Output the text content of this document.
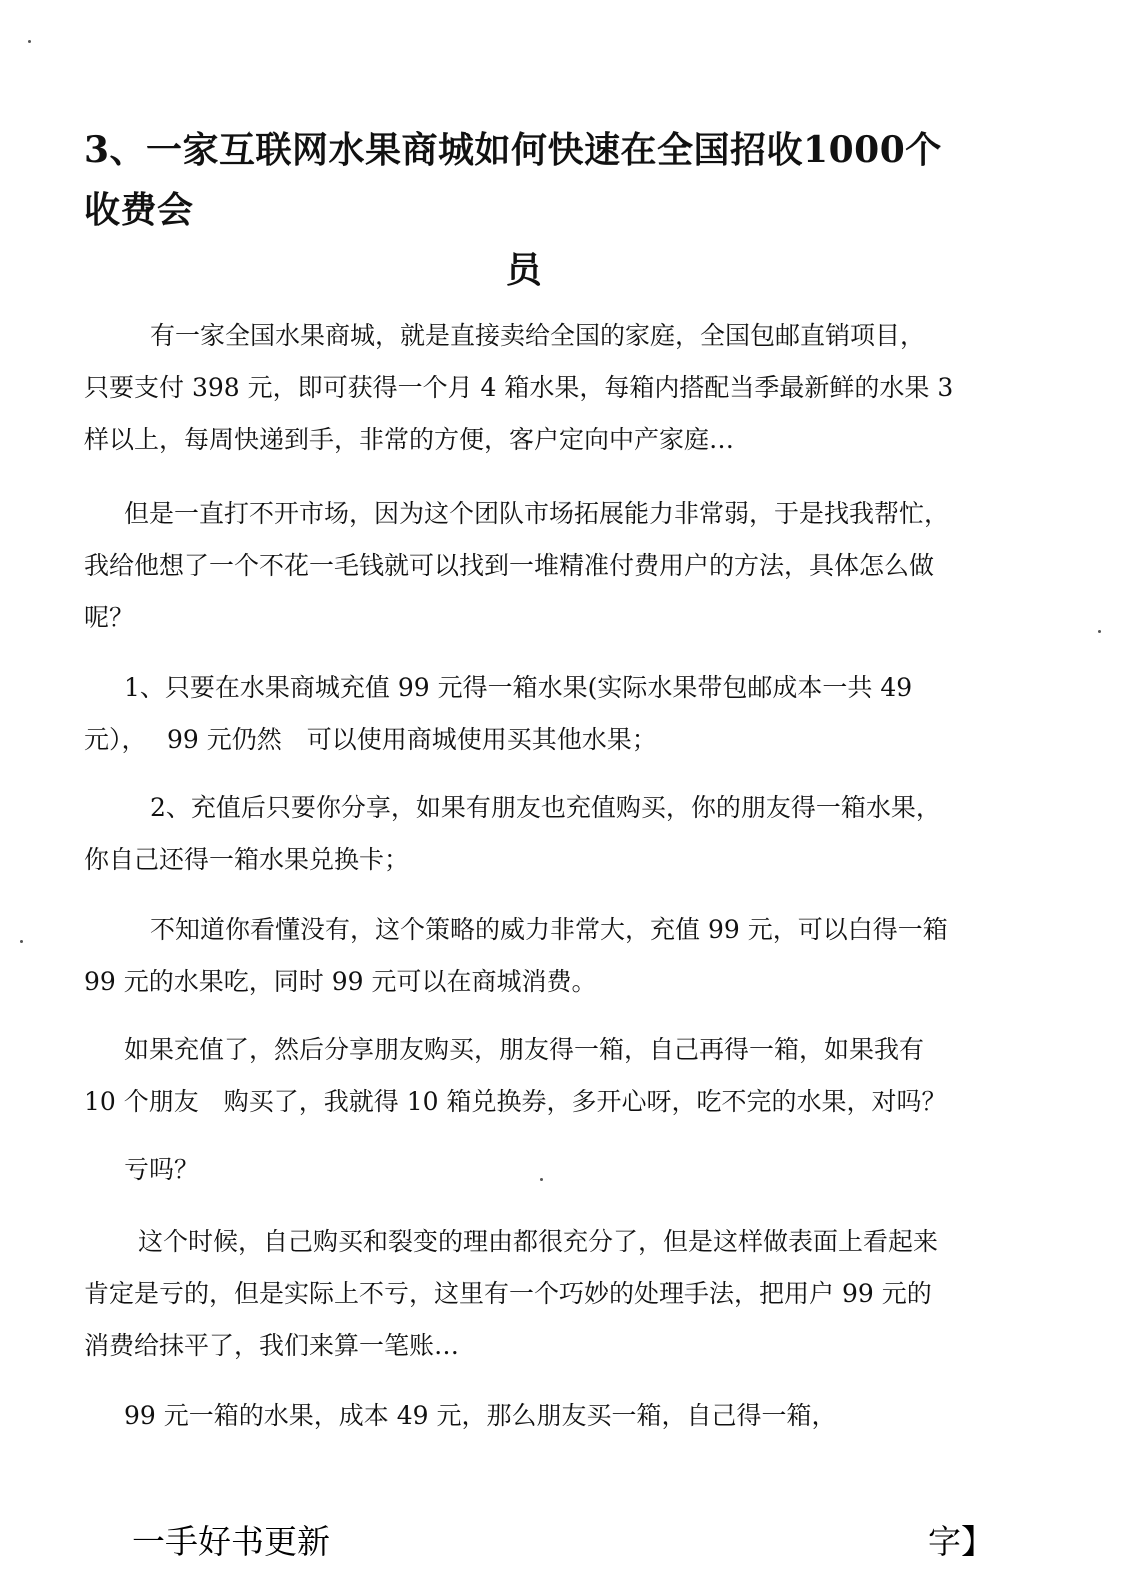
3、一家互联网水果商城如何快速在全国招收1000个收费会
员
有一家全国水果商城，就是直接卖给全国的家庭，全国包邮直销项目，
只要支付 398 元，即可获得一个月 4 箱水果，每箱内搭配当季最新鲜的水果 3
样以上，每周快递到手，非常的方便，客户定向中产家庭…
但是一直打不开市场，因为这个团队市场拓展能力非常弱，于是找我帮忙，
我给他想了一个不花一毛钱就可以找到一堆精准付费用户的方法，具体怎么做
呢？
1、只要在水果商城充值 99 元得一箱水果(实际水果带包邮成本一共 49
元），　 99 元仍然　可以使用商城使用买其他水果；
2、充值后只要你分享，如果有朋友也充值购买，你的朋友得一箱水果，
你自己还得一箱水果兑换卡；
不知道你看懂没有，这个策略的威力非常大，充值 99 元，可以白得一箱
99 元的水果吃，同时 99 元可以在商城消费。
如果充值了，然后分享朋友购买，朋友得一箱，自己再得一箱，如果我有
10 个朋友　购买了，我就得 10 箱兑换券，多开心呀，吃不完的水果，对吗？
亏吗？
这个时候，自己购买和裂变的理由都很充分了，但是这样做表面上看起来
肯定是亏的，但是实际上不亏，这里有一个巧妙的处理手法，把用户 99 元的
消费给抹平了，我们来算一笔账…
99 元一箱的水果，成本 49 元，那么朋友买一箱，自己得一箱，
一手好书更新	字】
